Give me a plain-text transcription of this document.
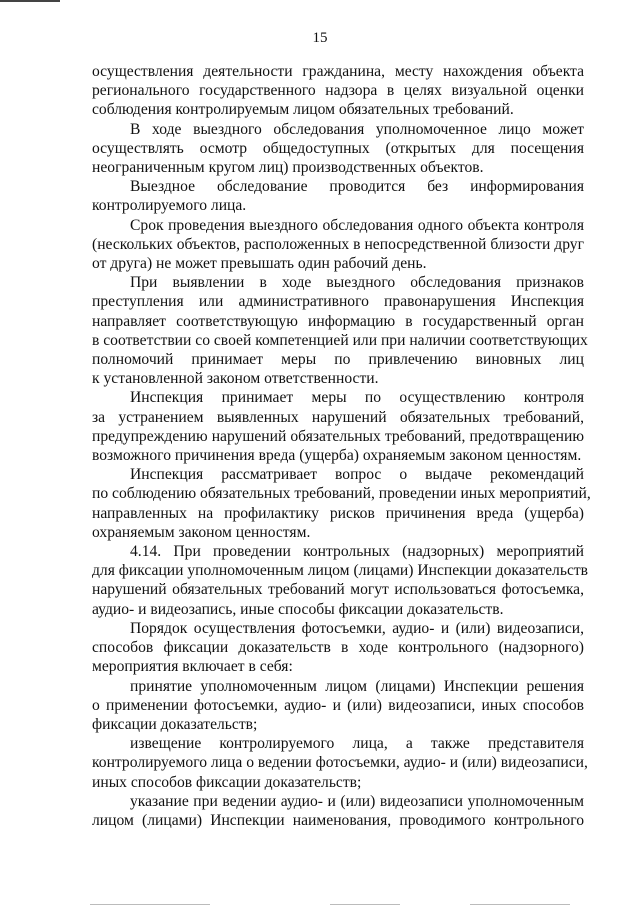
15
осуществления деятельности гражданина, месту нахождения объекта
регионального государственного надзора в целях визуальной оценки
соблюдения контролируемым лицом обязательных требований.
В ходе выездного обследования уполномоченное лицо может
осуществлять осмотр общедоступных (открытых для посещения
неограниченным кругом лиц) производственных объектов.
Выездное обследование проводится без информирования
контролируемого лица.
Срок проведения выездного обследования одного объекта контроля
(нескольких объектов, расположенных в непосредственной близости друг
от друга) не может превышать один рабочий день.
При выявлении в ходе выездного обследования признаков
преступления или административного правонарушения Инспекция
направляет соответствующую информацию в государственный орган
в соответствии со своей компетенцией или при наличии соответствующих
полномочий принимает меры по привлечению виновных лиц
к установленной законом ответственности.
Инспекция принимает меры по осуществлению контроля
за устранением выявленных нарушений обязательных требований,
предупреждению нарушений обязательных требований, предотвращению
возможного причинения вреда (ущерба) охраняемым законом ценностям.
Инспекция рассматривает вопрос о выдаче рекомендаций
по соблюдению обязательных требований, проведении иных мероприятий,
направленных на профилактику рисков причинения вреда (ущерба)
охраняемым законом ценностям.
4.14. При проведении контрольных (надзорных) мероприятий
для фиксации уполномоченным лицом (лицами) Инспекции доказательств
нарушений обязательных требований могут использоваться фотосъемка,
аудио- и видеозапись, иные способы фиксации доказательств.
Порядок осуществления фотосъемки, аудио- и (или) видеозаписи,
способов фиксации доказательств в ходе контрольного (надзорного)
мероприятия включает в себя:
принятие уполномоченным лицом (лицами) Инспекции решения
о применении фотосъемки, аудио- и (или) видеозаписи, иных способов
фиксации доказательств;
извещение контролируемого лица, а также представителя
контролируемого лица о ведении фотосъемки, аудио- и (или) видеозаписи,
иных способов фиксации доказательств;
указание при ведении аудио- и (или) видеозаписи уполномоченным
лицом (лицами) Инспекции наименования, проводимого контрольного
